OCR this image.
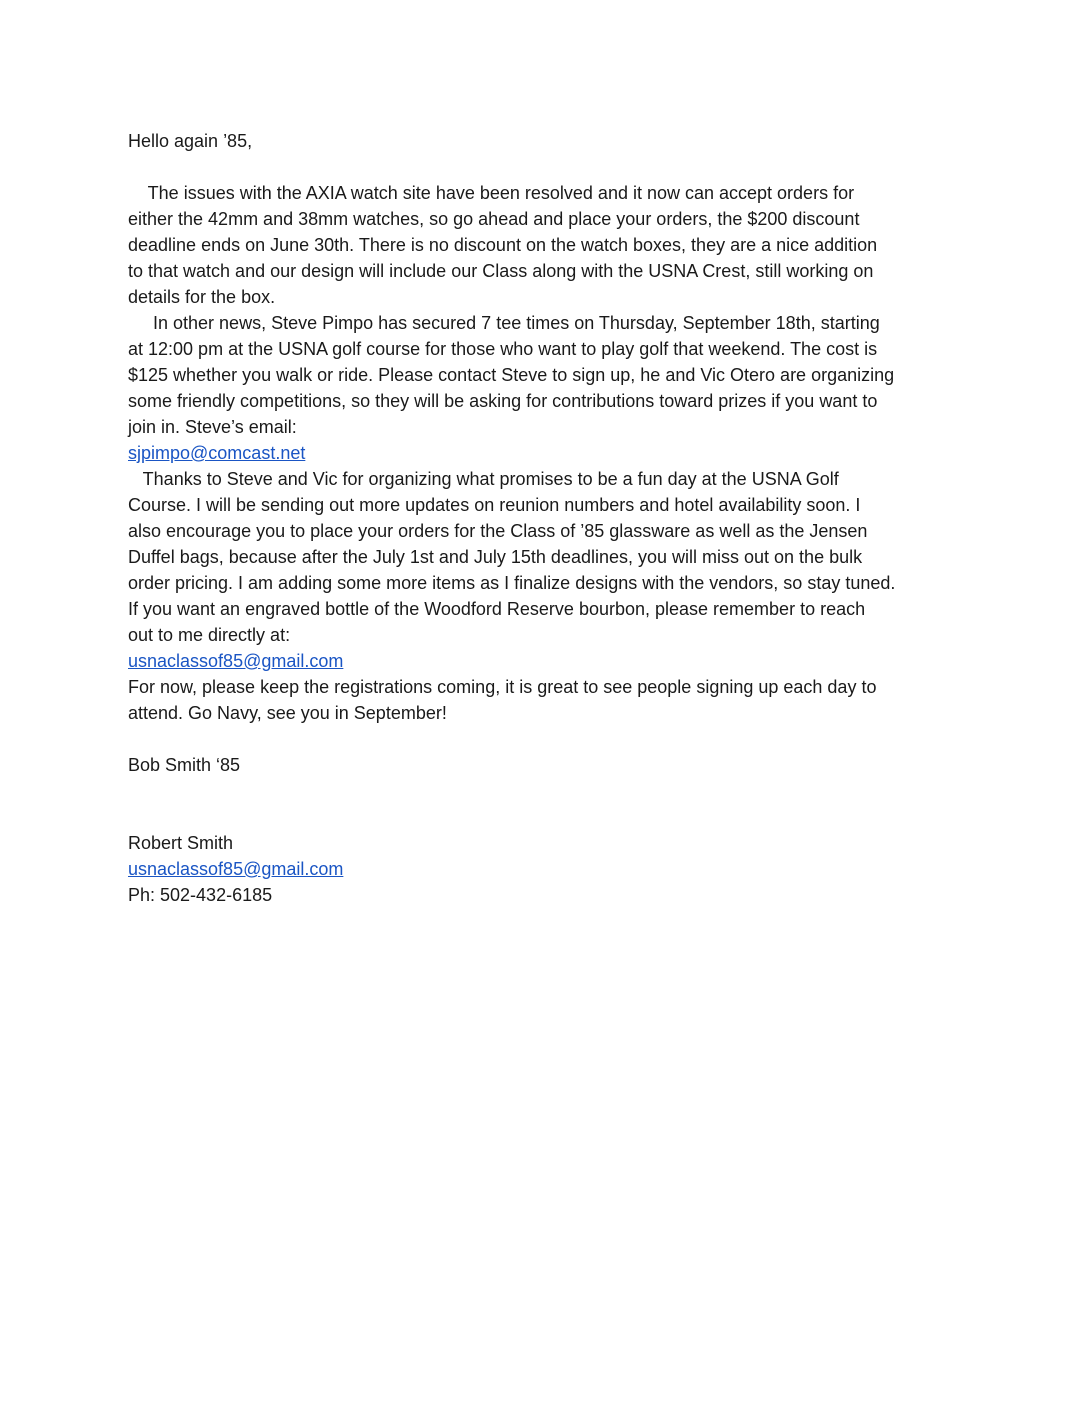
Hello again ’85,
The issues with the AXIA watch site have been resolved and it now can accept orders for
either the 42mm and 38mm watches, so go ahead and place your orders, the $200 discount
deadline ends on June 30th. There is no discount on the watch boxes, they are a nice addition
to that watch and our design will include our Class along with the USNA Crest, still working on
details for the box.
In other news, Steve Pimpo has secured 7 tee times on Thursday, September 18th, starting
at 12:00 pm at the USNA golf course for those who want to play golf that weekend. The cost is
$125 whether you walk or ride. Please contact Steve to sign up, he and Vic Otero are organizing
some friendly competitions, so they will be asking for contributions toward prizes if you want to
join in. Steve’s email:
sjpimpo@comcast.net
Thanks to Steve and Vic for organizing what promises to be a fun day at the USNA Golf
Course. I will be sending out more updates on reunion numbers and hotel availability soon. I
also encourage you to place your orders for the Class of ’85 glassware as well as the Jensen
Duffel bags, because after the July 1st and July 15th deadlines, you will miss out on the bulk
order pricing. I am adding some more items as I finalize designs with the vendors, so stay tuned.
If you want an engraved bottle of the Woodford Reserve bourbon, please remember to reach
out to me directly at:
usnaclassof85@gmail.com
For now, please keep the registrations coming, it is great to see people signing up each day to
attend. Go Navy, see you in September!
Bob Smith ‘85
Robert Smith
usnaclassof85@gmail.com
Ph: 502-432-6185
